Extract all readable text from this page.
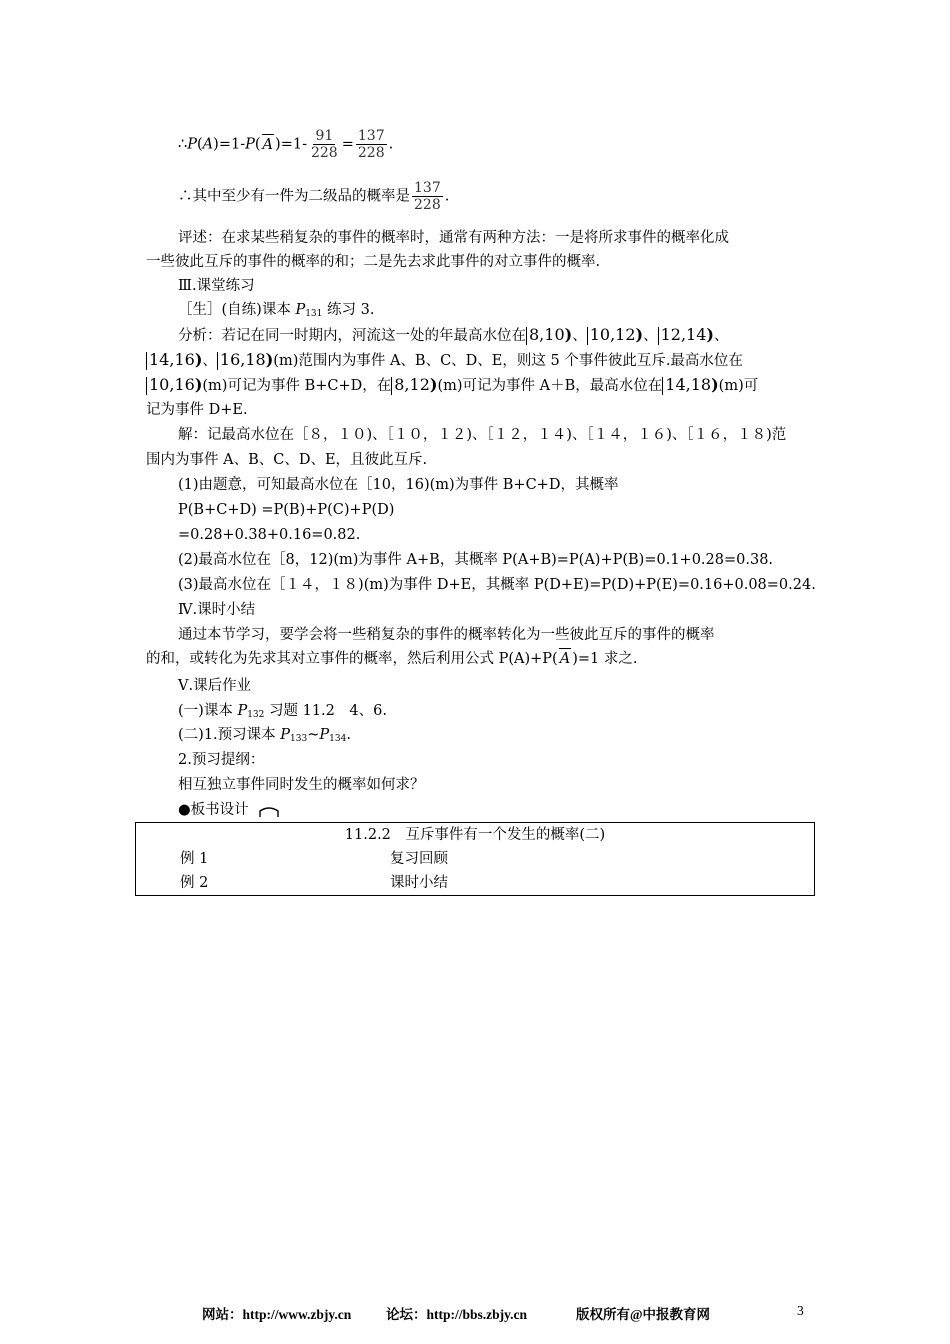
∴P(A)=1-P( A )$=1- \frac{91}{228} = \frac{137}{228}$ .
∴其中至少有一件为二级品的概率是 $\frac{137}{228}$ .
评述：在求某些稍复杂的事件的概率时，通常有两种方法：一是将所求事件的概率化成
一些彼此互斥的事件的概率的和；二是先去求此事件的对立事件的概率.
Ⅲ.课堂练习
［生］(自练)课本 $P_{131}$ 练习 3.
分析：若记在同一时期内，河流这一处的年最高水位在 8,10)、 10,12)、 12,14)、
14,16)、 16,18)(m)范围内为事件 A、B、C、D、E，则这 5 个事件彼此互斥.最高水位在
10,16)(m)可记为事件 B+C+D，在 8,12)(m)可记为事件 A＋B，最高水位在 14,18)(m)可
记为事件 D+E.
解：记最高水位在［８，１０)、［１０，１２)、［１２，１４)、［１４，１６)、［１６，１８)范
围内为事件 A、B、C、D、E，且彼此互斥.
(1)由题意，可知最高水位在［10，16)(m)为事件 B+C+D，其概率
P(B+C+D) =P(B)+P(C)+P(D)
=0.28+0.38+0.16=0.82.
(2)最高水位在［8，12)(m)为事件 A+B，其概率 P(A+B)=P(A)+P(B)=0.1+0.28=0.38.
(3)最高水位在［１４，１８)(m)为事件 D+E，其概率 P(D+E)=P(D)+P(E)=0.16+0.08=0.24.
Ⅳ.课时小结
通过本节学习，要学会将一些稍复杂的事件的概率转化为一些彼此互斥的事件的概率
的和，或转化为先求其对立事件的概率，然后利用公式 P(A)+P( A )=1 求之.
Ⅴ.课后作业
(一)课本 $P_{132}$ 习题 11.2　4、6.
(二)1.预习课本 $P_{133}\sim P_{134}$.
2.预习提纲：
相互独立事件同时发生的概率如何求？
●板书设计
11.2.2　互斥事件有一个发生的概率(二)	
例 1	复习回顾
例 2	课时小结
网站：http://www.zbjy.cn	论坛：http://bbs.zbjy.cn	版权所有@中报教育网	3
